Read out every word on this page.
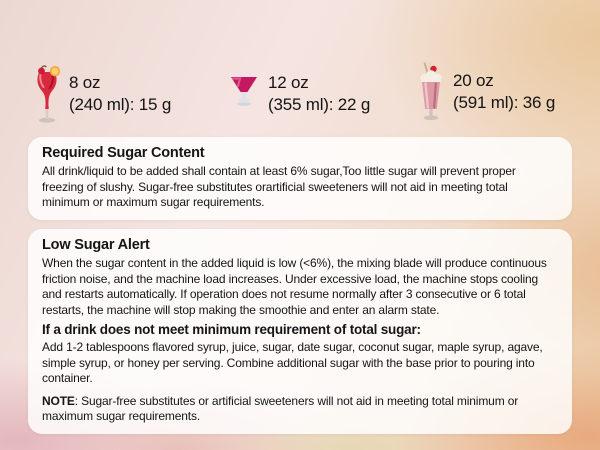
8 oz
(240 ml): 15 g
12 oz
(355 ml): 22 g
20 oz
(591 ml): 36 g
Required Sugar Content

All drink/liquid to be added shall contain at least 6% sugar,Too little sugar will prevent proper freezing of slushy. Sugar-free substitutes orartificial sweeteners will not aid in meeting total minimum or maximum sugar requirements.

Low Sugar Alert

When the sugar content in the added liquid is low (<6%), the mixing blade will produce continuous friction noise, and the machine load increases. Under excessive load, the machine stops cooling and restarts automatically. If operation does not resume normally after 3 consecutive or 6 total restarts, the machine will stop making the smoothie and enter an alarm state.

If a drink does not meet minimum requirement of total sugar:

Add 1-2 tablespoons flavored syrup, juice, sugar, date sugar, coconut sugar, maple syrup, agave, simple syrup, or honey per serving. Combine additional sugar with the base prior to pouring into container.

NOTE: Sugar-free substitutes or artificial sweeteners will not aid in meeting total minimum or maximum sugar requirements.
